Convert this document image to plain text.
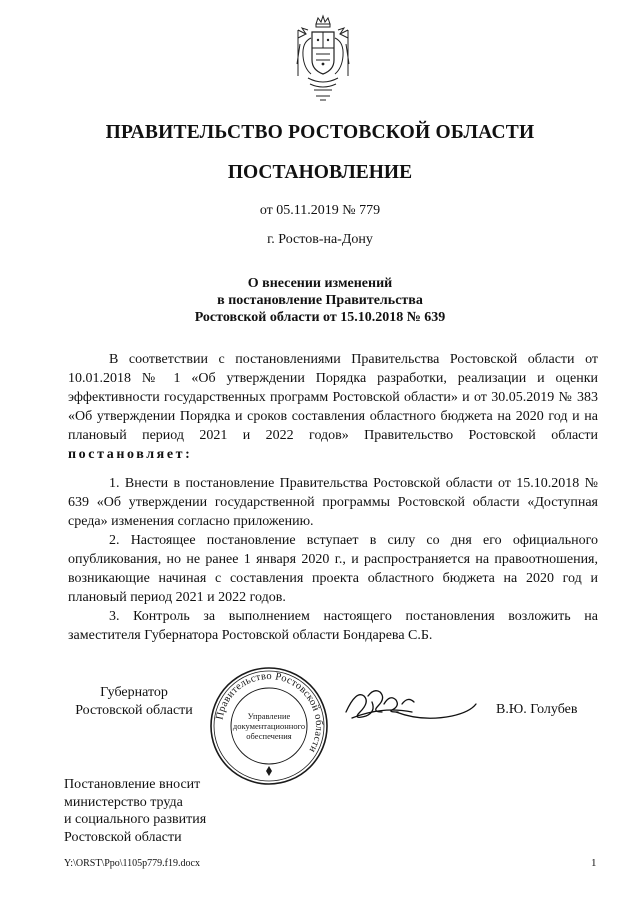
ПРАВИТЕЛЬСТВО РОСТОВСКОЙ ОБЛАСТИ
ПОСТАНОВЛЕНИЕ
от 05.11.2019 № 779
г. Ростов-на-Дону
О внесении изменений
в постановление Правительства
Ростовской области от 15.10.2018 № 639

В соответствии с постановлениями Правительства Ростовской области от 10.01.2018 № 1 «Об утверждении Порядка разработки, реализации и оценки эффективности государственных программ Ростовской области» и от 30.05.2019 № 383 «Об утверждении Порядка и сроков составления областного бюджета на 2020 год и на плановый период 2021 и 2022 годов» Правительство Ростовской области постановляет:

1. Внести в постановление Правительства Ростовской области от 15.10.2018 № 639 «Об утверждении государственной программы Ростовской области «Доступная среда» изменения согласно приложению.

2. Настоящее постановление вступает в силу со дня его официального опубликования, но не ранее 1 января 2020 г., и распространяется на правоотношения, возникающие начиная с составления проекта областного бюджета на 2020 год и плановый период 2021 и 2022 годов.

3. Контроль за выполнением настоящего постановления возложить на заместителя Губернатора Ростовской области Бондарева С.Б.

Губернатор
Ростовской области	Правительство Ростовской области
Управление
документационного
обеспечения
В.Ю. Голубев
Постановление вносит
министерство труда
и социального развития
Ростовской области
Y:\ORST\Ppo\1105p779.f19.docx	1
